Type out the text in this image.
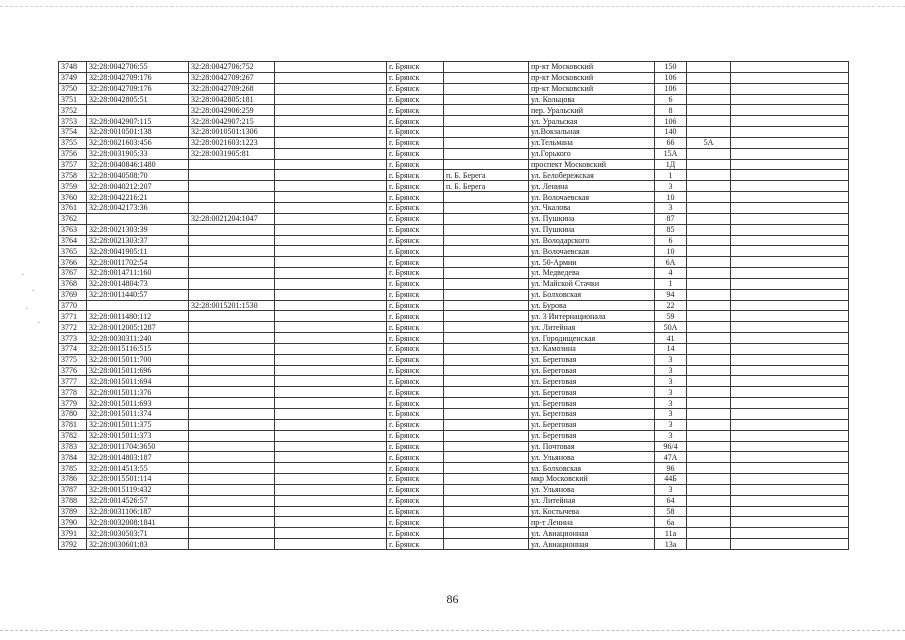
3748	32:28:0042706:55	32:28:0042706:752		г. Брянск		пр-кт Московский	150		
3749	32:28:0042709:176	32:28:0042709:267		г. Брянск		пр-кт Московский	106		
3750	32:28:0042709:176	32:28:0042709:268		г. Брянск		пр-кт Московский	106		
3751	32:28:0042805:51	32:28:0042805:181		г. Брянск		ул. Кольцова	6		
3752		32:28:0042906:259		г. Брянск		пер. Уральский	8		
3753	32:28:0042907:115	32:28:0042907:215		г. Брянск		ул. Уральская	106		
3754	32:28:0010501:138	32:28:0010501:1306		г. Брянск		ул.Вокзальная	140		
3755	32:28:0021603:456	32:28:0021603:1223		г. Брянск		ул.Тельмана	66	5А	
3756	32:28:0031905:33	32:28:0031905:81		г. Брянск		ул.Горького	15А		
3757	32:28:0040846:1480			г. Брянск		проспект Московский	1Д		
3758	32:28:0040508:70			г. Брянск	п. Б. Берега	ул. Белобережская	1		
3759	32:28:0040212:207			г. Брянск	п. Б. Берега	ул. Ленина	3		
3760	32:28:0042216:21			г. Брянск		ул. Волочаевская	10		
3761	32:28:0042173:36			г. Брянск		ул. Чкалова	3		
3762		32:28:0021204:1047		г. Брянск		ул. Пушкина	87		
3763	32:28:0021303:39			г. Брянск		ул. Пушкина	85		
3764	32:28:0021303:37			г. Брянск		ул. Володарского	6		
3765	32:28:0041905:11			г. Брянск		ул. Волочаевская	10		
3766	32:28:0011702:54			г. Брянск		ул. 50-Армии	6А		
3767	32:28:0014711:160			г. Брянск		ул. Медведева	4		
3768	32:28:0014804:73			г. Брянск		ул. Майской Стачки	1		
3769	32:28:0011440:57			г. Брянск		ул. Болховская	94		
3770		32:28:0015201:1530		г. Брянск		ул. Бурова	22		
3771	32:28:0011480:112			г. Брянск		ул. 3 Интернационала	59		
3772	32:28:0012005:1287			г. Брянск		ул. Литейная	50А		
3773	32:28:0030311:240			г. Брянск		ул. Городищенская	41		
3774	32:28:0015116:515			г. Брянск		ул. Камозина	14		
3775	32:28:0015011:700			г. Брянск		ул. Береговая	3		
3776	32:28:0015011:696			г. Брянск		ул. Береговая	3		
3777	32:28:0015011:694			г. Брянск		ул. Береговая	3		
3778	32:28:0015011:376			г. Брянск		ул. Береговая	3		
3779	32:28:0015011:693			г. Брянск		ул. Береговая	3		
3780	32:28:0015011:374			г. Брянск		ул. Береговая	3		
3781	32:28:0015011:375			г. Брянск		ул. Береговая	3		
3782	32:28:0015011:373			г. Брянск		ул. Береговая	3		
3783	32:28:0011704:3650			г. Брянск		ул. Почтовая	96/4		
3784	32:28:0014803:187			г. Брянск		ул. Ульянова	47А		
3785	32:28:0014513:55			г. Брянск		ул. Болховская	96		
3786	32:28:0015501:114			г. Брянск		мкр Московский	44Б		
3787	32:28:0015119:432			г. Брянск		ул. Ульянова	3		
3788	32:28:0014526:57			г. Брянск		ул. Литейная	64		
3789	32:28:0031106:187			г. Брянск		ул. Костычева	58		
3790	32:28:0032008:1841			г. Брянск		пр-т Ленина	6а		
3791	32:28:0030503:71			г. Брянск		ул. Авиационная	11а		
3792	32:28:0030601:83			г. Брянск		ул. Авиационная	13а		
86
